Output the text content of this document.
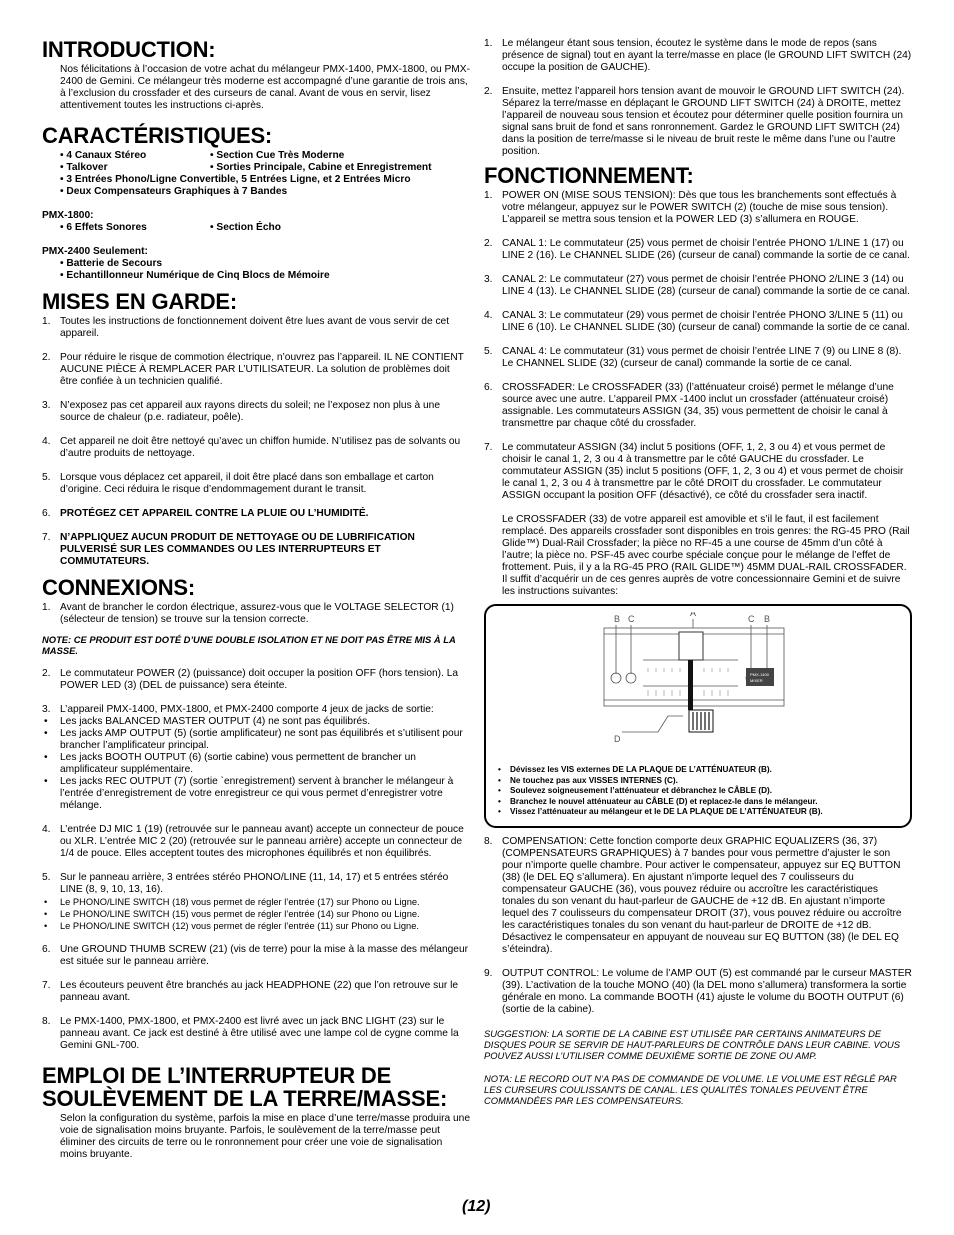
INTRODUCTION:

Nos félicitations à l’occasion de votre achat du mélangeur PMX-1400, PMX-1800, ou PMX-2400 de Gemini. Ce mélangeur très moderne est accompagné d’une garantie de trois ans, à l’exclusion du crossfader et des curseurs de canal. Avant de vous en servir, lisez attentivement toutes les instructions ci-après.

CARACTÉRISTIQUES:
• 4 Canaux Stéreo	• Section Cue Très Moderne
• Talkover	• Sorties Principale, Cabine et Enregistrement
• 3 Entrées Phono/Ligne Convertible, 5 Entrées Ligne, et 2 Entrées Micro
• Deux Compensateurs Graphiques à 7 Bandes

PMX-1800:

• 6 Effets Sonores	• Section Écho

PMX-2400 Seulement:

• Batterie de Secours
• Echantillonneur Numérique de Cinq Blocs de Mémoire
MISES EN GARDE:
1. Toutes les instructions de fonctionnement doivent être lues avant de vous servir de cet appareil.
2. Pour réduire le risque de commotion électrique, n’ouvrez pas l’appareil. IL NE CONTIENT AUCUNE PIÈCE À REMPLACER PAR L’UTILISATEUR. La solution de problèmes doit être confiée à un technicien qualifié.
3. N’exposez pas cet appareil aux rayons directs du soleil; ne l’exposez non plus à une source de chaleur (p.e. radiateur, poêle).
4. Cet appareil ne doit être nettoyé qu’avec un chiffon humide. N’utilisez pas de solvants ou d’autre produits de nettoyage.
5. Lorsque vous déplacez cet appareil, il doit être placé dans son emballage et carton d’origine. Ceci réduira le risque d’endommagement durant le transit.
6. PROTÉGEZ CET APPAREIL CONTRE LA PLUIE OU L’HUMIDITÉ.
7. N’APPLIQUEZ AUCUN PRODUIT DE NETTOYAGE OU DE LUBRIFICATION PULVERISÉ SUR LES COMMANDES OU LES INTERRUPTEURS ET COMMUTATEURS.
CONNEXIONS:
1. Avant de brancher le cordon électrique, assurez-vous que le VOLTAGE SELECTOR (1) (sélecteur de tension) se trouve sur la tension correcte.

NOTE: CE PRODUIT EST DOTÉ D’UNE DOUBLE ISOLATION ET NE DOIT PAS ÊTRE MIS À LA MASSE.

2. Le commutateur POWER (2) (puissance) doit occuper la position OFF (hors tension). La POWER LED (3) (DEL de puissance) sera éteinte.
3. L’appareil PMX-1400, PMX-1800, et PMX-2400 comporte 4 jeux de jacks de sortie:
• Les jacks BALANCED MASTER OUTPUT (4) ne sont pas équilibrés.
• Les jacks AMP OUTPUT (5) (sortie amplificateur) ne sont pas équilibrés et s’utilisent pour brancher l’amplificateur principal.
• Les jacks BOOTH OUTPUT (6) (sortie cabine) vous permettent de brancher un amplificateur supplémentaire.
• Les jacks REC OUTPUT (7) (sortie `enregistrement) servent à brancher le mélangeur à l’entrée d’enregistrement de votre enregistreur ce qui vous permet d’enregistrer votre mélange.
4. L’entrée DJ MIC 1 (19) (retrouvée sur le panneau avant) accepte un connecteur de pouce ou XLR. L’entrée MIC 2 (20) (retrouvée sur le panneau arrière) accepte un connecteur de 1/4 de pouce. Elles acceptent toutes des microphones équilibrés et non équilibrés.
5. Sur le panneau arrière, 3 entrées stéréo PHONO/LINE (11, 14, 17) et 5 entrées stéréo LINE (8, 9, 10, 13, 16).
• Le PHONO/LINE SWITCH (18) vous permet de régler l’entrée (17) sur Phono ou Ligne.
• Le PHONO/LINE SWITCH (15) vous permet de régler l’entrée (14) sur Phono ou Ligne.
• Le PHONO/LINE SWITCH (12) vous permet de régler l’entrée (11) sur Phono ou Ligne.
6. Une GROUND THUMB SCREW (21) (vis de terre) pour la mise à la masse des mélangeur est située sur le panneau arrière.
7. Les écouteurs peuvent être branchés au jack HEADPHONE (22) que l’on retrouve sur le panneau avant.
8. Le PMX-1400, PMX-1800, et PMX-2400 est livré avec un jack BNC LIGHT (23) sur le panneau avant. Ce jack est destiné à être utilisé avec une lampe col de cygne comme la Gemini GNL-700.
EMPLOI DE L’INTERRUPTEUR DE
SOULÈVEMENT DE LA TERRE/MASSE:

Selon la configuration du système, parfois la mise en place d’une terre/masse produira une voie de signalisation moins bruyante. Parfois, le soulèvement de la terre/masse peut éliminer des circuits de terre ou le ronronnement pour créer une voie de signalisation moins bruyante.

1. Le mélangeur étant sous tension, écoutez le système dans le mode de repos (sans présence de signal) tout en ayant la terre/masse en place (le GROUND LIFT SWITCH (24) occupe la position de GAUCHE).
2. Ensuite, mettez l’appareil hors tension avant de mouvoir le GROUND LIFT SWITCH (24). Séparez la terre/masse en déplaçant le GROUND LIFT SWITCH (24) à DROITE, mettez l’appareil de nouveau sous tension et écoutez pour déterminer quelle position fournira un signal sans bruit de fond et sans ronronnement. Gardez le GROUND LIFT SWITCH (24) dans la position de terre/masse si le niveau de bruit reste le même dans l’une ou l’autre position.
FONCTIONNEMENT:
1. POWER ON (MISE SOUS TENSION): Dès que tous les branchements sont effectués à votre mélangeur, appuyez sur le POWER SWITCH (2) (touche de mise sous tension). L’appareil se mettra sous tension et la POWER LED (3) s’allumera en ROUGE.
2. CANAL 1: Le commutateur (25) vous permet de choisir l’entrée PHONO 1/LINE 1 (17) ou LINE 2 (16). Le CHANNEL SLIDE (26) (curseur de canal) commande la sortie de ce canal.
3. CANAL 2: Le commutateur (27) vous permet de choisir l’entrée PHONO 2/LINE 3 (14) ou LINE 4 (13). Le CHANNEL SLIDE (28) (curseur de canal) commande la sortie de ce canal.
4. CANAL 3: Le commutateur (29) vous permet de choisir l’entrée PHONO 3/LINE 5 (11) ou LINE 6 (10). Le CHANNEL SLIDE (30) (curseur de canal) commande la sortie de ce canal.
5. CANAL 4: Le commutateur (31) vous permet de choisir l’entrée LINE 7 (9) ou LINE 8 (8). Le CHANNEL SLIDE (32) (curseur de canal) commande la sortie de ce canal.
6. CROSSFADER: Le CROSSFADER (33) (l’atténuateur croisé) permet le mélange d’une source avec une autre. L’appareil PMX -1400 inclut un crossfader (atténuateur croisé) assignable. Les commutateurs ASSIGN (34, 35) vous permettent de choisir le canal à transmettre par chaque côté du crossfader.
7. Le commutateur ASSIGN (34) inclut 5 positions (OFF, 1, 2, 3 ou 4) et vous permet de choisir le canal 1, 2, 3 ou 4 à transmettre par le côté GAUCHE du crossfader. Le commutateur ASSIGN (35) inclut 5 positions (OFF, 1, 2, 3 ou 4) et vous permet de choisir le canal 1, 2, 3 ou 4 à transmettre par le côté DROIT du crossfader. Le commutateur ASSIGN occupant la position OFF (désactivé), ce côté du crossfader sera inactif.

Le CROSSFADER (33) de votre appareil est amovible et s’il le faut, il est facilement remplacé. Des appareils crossfader sont disponibles en trois genres: the RG-45 PRO (Rail Glide™) Dual-Rail Crossfader; la pièce no RF-45 a une course de 45mm d’un côté à l’autre; la pièce no. PSF-45 avec courbe spéciale conçue pour le mélange de l’effet de frottement. Puis, il y a la RG-45 PRO (RAIL GLIDE™) 45MM DUAL-RAIL CROSSFADER. Il suffit d’acquérir un de ces genres auprès de votre concessionnaire Gemini et de suivre les instructions suivantes:

B C
A
C B
D
PMX-1400
MIXER
• Dévissez les VIS externes DE LA PLAQUE DE L’ATTÉNUATEUR (B).
• Ne touchez pas aux VISSES INTERNES (C).
• Soulevez soigneusement l’atténuateur et débranchez le CÂBLE (D).
• Branchez le nouvel atténuateur au CÂBLE (D) et replacez-le dans le mélangeur.
• Vissez l’atténuateur au mélangeur et le DE LA PLAQUE DE L’ATTÉNUATEUR (B).
8. COMPENSATION: Cette fonction comporte deux GRAPHIC EQUALIZERS (36, 37) (COMPENSATEURS GRAPHIQUES) à 7 bandes pour vous permettre d’ajuster le son pour n’importe quelle chambre. Pour activer le compensateur, appuyez sur EQ BUTTON (38) (le DEL EQ s’allumera). En ajustant n’importe lequel des 7 coulisseurs du compensateur GAUCHE (36), vous pouvez réduire ou accroître les caractéristiques tonales du son venant du haut-parleur de GAUCHE de +12 dB. En ajustant n’importe lequel des 7 coulisseurs du compensateur DROIT (37), vous pouvez réduire ou accroître les caractéristiques tonales du son venant du haut-parleur de DROITE de +12 dB. Désactivez le compensateur en appuyant de nouveau sur EQ BUTTON (38) (le DEL EQ s’éteindra).
9. OUTPUT CONTROL: Le volume de l’AMP OUT (5) est commandé par le curseur MASTER (39). L’activation de la touche MONO (40) (la DEL mono s’allumera) transformera la sortie générale en mono. La commande BOOTH (41) ajuste le volume du BOOTH OUTPUT (6) (sortie de la cabine).

SUGGESTION: LA SORTIE DE LA CABINE EST UTILISÉE PAR CERTAINS ANIMATEURS DE DISQUES POUR SE SERVIR DE HAUT-PARLEURS DE CONTRÔLE DANS LEUR CABINE. VOUS POUVEZ AUSSI L’UTILISER COMME DEUXIÈME SORTIE DE ZONE OU AMP.

NOTA: LE RECORD OUT N’A PAS DE COMMANDE DE VOLUME. LE VOLUME EST RÉGLÉ PAR LES CURSEURS COULISSANTS DE CANAL. LES QUALITÉS TONALES PEUVENT ÊTRE COMMANDÉES PAR LES COMPENSATEURS.

(12)
